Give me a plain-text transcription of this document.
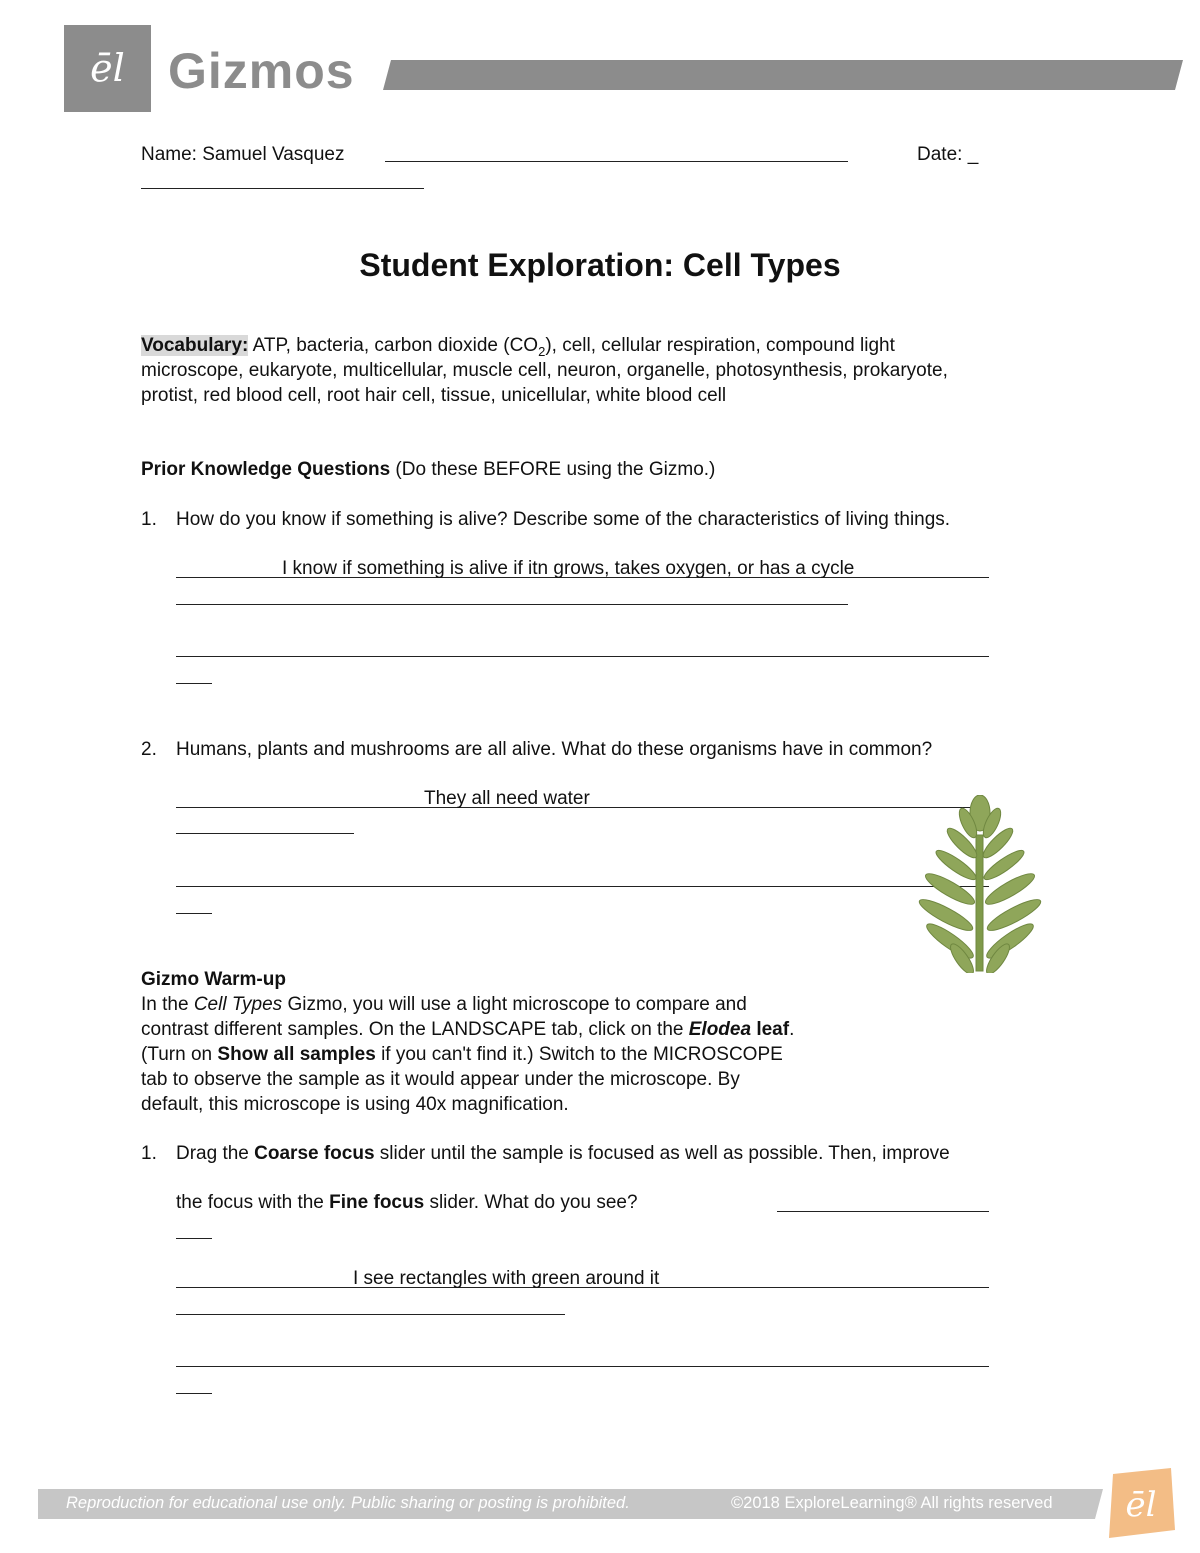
ēl Gizmos
Name: Samuel Vasquez	Date: _
Student Exploration: Cell Types
Vocabulary: ATP, bacteria, carbon dioxide $(CO_2)$, cell, cellular respiration, compound light
microscope, eukaryote, multicellular, muscle cell, neuron, organelle, photosynthesis, prokaryote,
protist, red blood cell, root hair cell, tissue, unicellular, white blood cell
Prior Knowledge Questions (Do these BEFORE using the Gizmo.)
1. How do you know if something is alive? Describe some of the characteristics of living things.
I know if something is alive if itn grows, takes oxygen, or has a cycle
2. Humans, plants and mushrooms are all alive. What do these organisms have in common?
They all need water
Gizmo Warm-up
In the Cell Types Gizmo, you will use a light microscope to compare and
contrast different samples. On the LANDSCAPE tab, click on the Elodea leaf.
(Turn on Show all samples if you can't find it.) Switch to the MICROSCOPE
tab to observe the sample as it would appear under the microscope. By
default, this microscope is using 40x magnification.
1. Drag the Coarse focus slider until the sample is focused as well as possible. Then, improve
the focus with the Fine focus slider. What do you see?
I see rectangles with green around it
Reproduction for educational use only. Public sharing or posting is prohibited.	©2018 ExploreLearning® All rights reserved ēl
